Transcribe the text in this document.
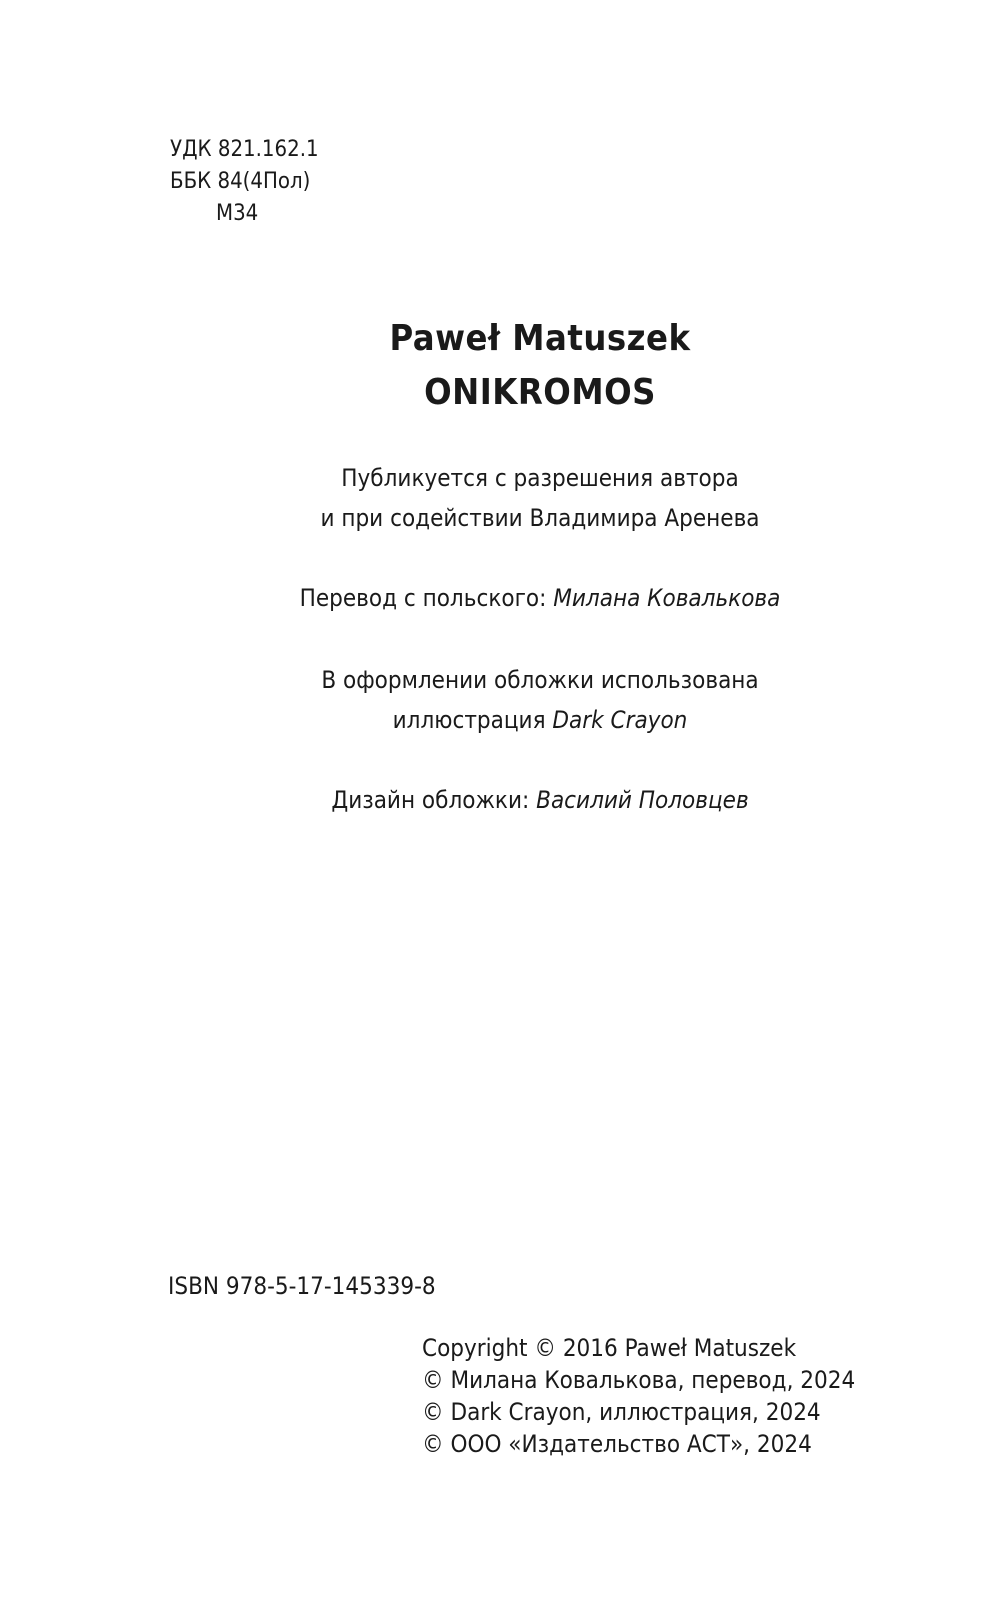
УДК 821.162.1
ББК 84(4Пол)
М34
Paweł Matuszek
ONIKROMOS
Публикуется с разрешения автора
и при содействии Владимира Аренева
Перевод с польского: Милана Ковалькова
В оформлении обложки использована
иллюстрация Dark Crayon
Дизайн обложки: Василий Половцев
ISBN 978-5-17-145339-8
Copyright © 2016 Paweł Matuszek
© Милана Ковалькова, перевод, 2024
© Dark Crayon, иллюстрация, 2024
© ООО «Издательство АСТ», 2024
